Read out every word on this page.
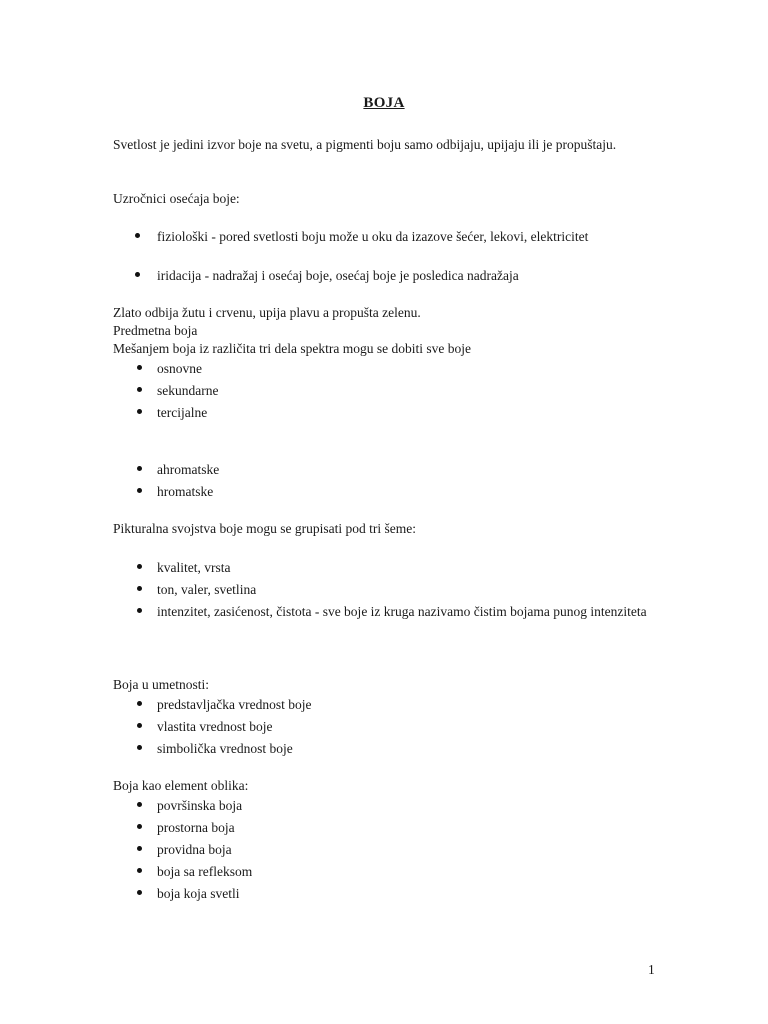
BOJA
Svetlost je jedini izvor boje na svetu, a pigmenti boju samo odbijaju, upijaju ili je propuštaju.
Uzročnici osećaja boje:
fiziološki - pored svetlosti boju može u oku da izazove šećer, lekovi, elektricitet
iridacija - nadražaj i osećaj boje, osećaj boje je posledica nadražaja
Zlato odbija žutu i crvenu, upija plavu a propušta zelenu.
Predmetna boja
Mešanjem boja iz različita tri dela spektra mogu se dobiti sve boje
osnovne
sekundarne
tercijalne
ahromatske
hromatske
Pikturalna svojstva boje mogu se grupisati pod tri šeme:
kvalitet, vrsta
ton, valer, svetlina
intenzitet, zasićenost, čistota - sve boje iz kruga nazivamo čistim bojama punog intenziteta
Boja u umetnosti:
predstavljačka vrednost boje
vlastita vrednost boje
simbolička vrednost boje
Boja kao element oblika:
površinska boja
prostorna boja
providna boja
boja sa refleksom
boja koja svetli
1
